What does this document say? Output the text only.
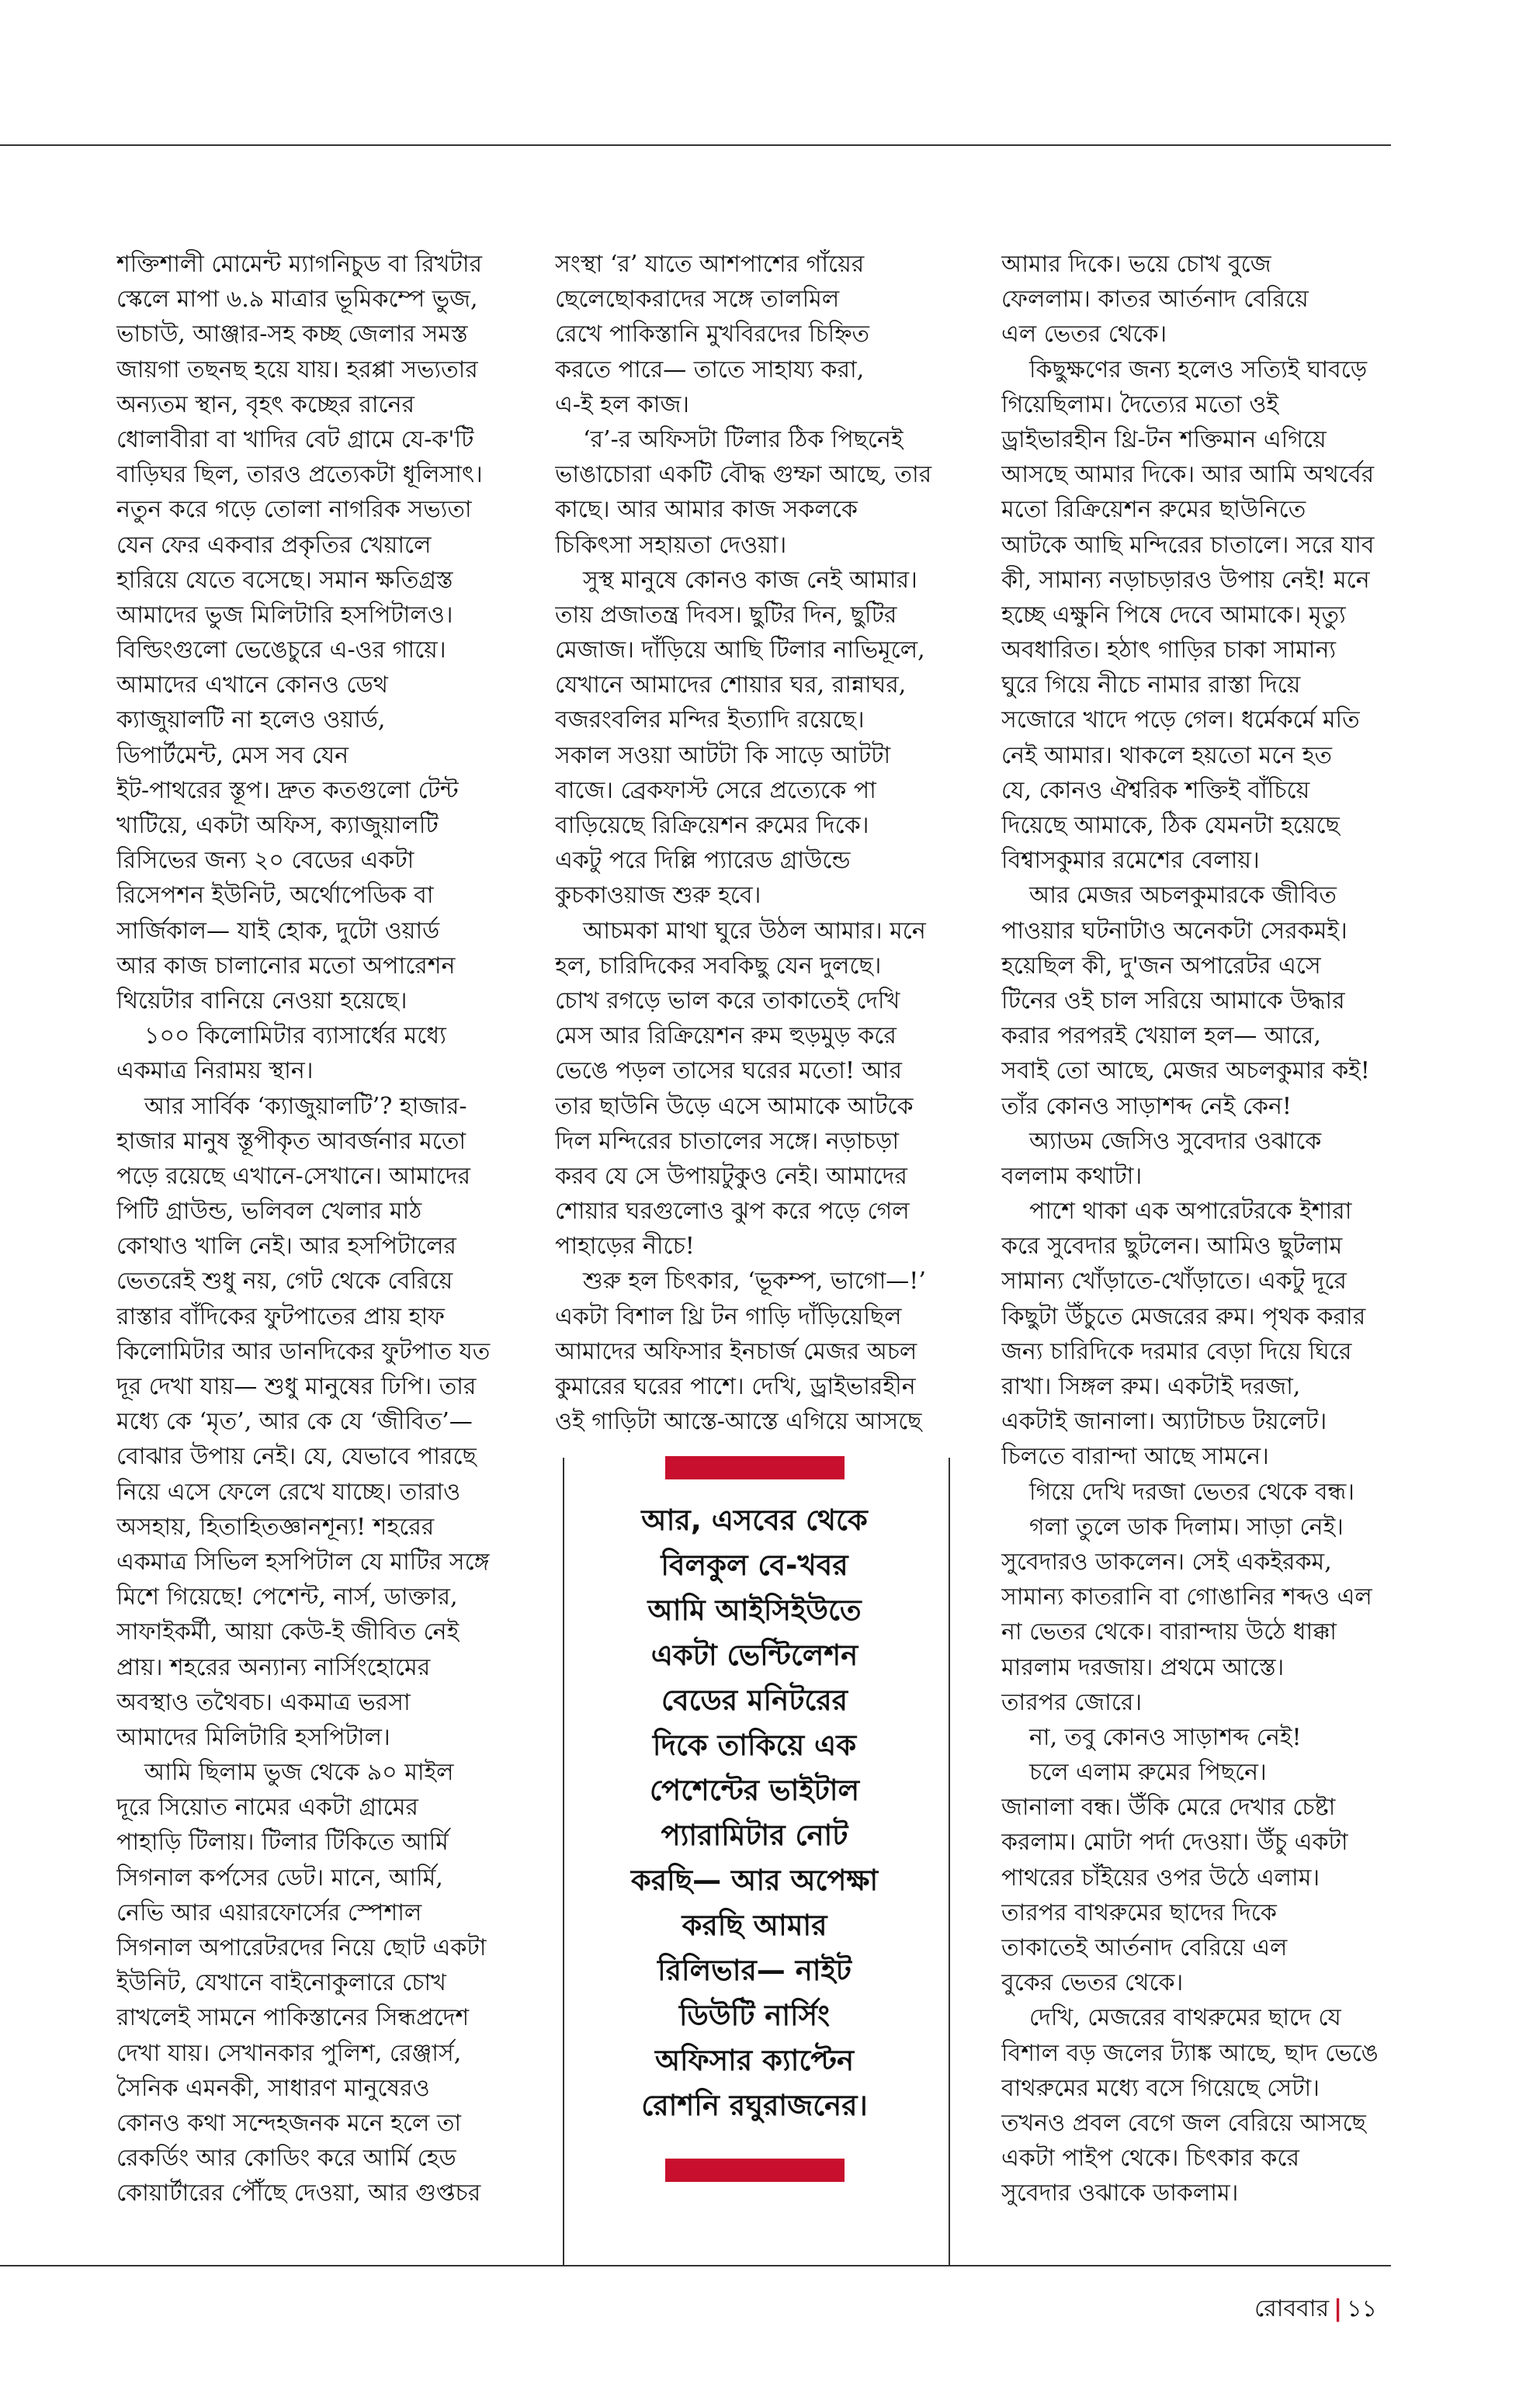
শক্তিশালী মোমেন্ট ম্যাগনিচুড বা রিখটার
স্কেলে মাপা ৬.৯ মাত্রার ভূমিকম্পে ভুজ,
ভাচাউ, আঞ্জার-সহ কচ্ছ জেলার সমস্ত
জায়গা তছনছ হয়ে যায়। হরপ্পা সভ্যতার
অন্যতম স্থান, বৃহৎ কচ্ছের রানের
ধোলাবীরা বা খাদির বেট গ্রামে যে-ক'টি
বাড়িঘর ছিল, তারও প্রত্যেকটা ধূলিসাৎ।
নতুন করে গড়ে তোলা নাগরিক সভ্যতা
যেন ফের একবার প্রকৃতির খেয়ালে
হারিয়ে যেতে বসেছে। সমান ক্ষতিগ্রস্ত
আমাদের ভুজ মিলিটারি হসপিটালও।
বিল্ডিংগুলো ভেঙেচুরে এ-ওর গায়ে।
আমাদের এখানে কোনও ডেথ
ক্যাজুয়ালটি না হলেও ওয়ার্ড,
ডিপার্টমেন্ট, মেস সব যেন
ইট-পাথরের স্তূপ। দ্রুত কতগুলো টেন্ট
খাটিয়ে, একটা অফিস, ক্যাজুয়ালটি
রিসিভের জন্য ২০ বেডের একটা
রিসেপশন ইউনিট, অর্থোপেডিক বা
সার্জিকাল— যাই হোক, দুটো ওয়ার্ড
আর কাজ চালানোর মতো অপারেশন
থিয়েটার বানিয়ে নেওয়া হয়েছে।
১০০ কিলোমিটার ব্যাসার্ধের মধ্যে
একমাত্র নিরাময় স্থান।
আর সার্বিক ‘ক্যাজুয়ালটি’? হাজার-
হাজার মানুষ স্তূপীকৃত আবর্জনার মতো
পড়ে রয়েছে এখানে-সেখানে। আমাদের
পিটি গ্রাউন্ড, ভলিবল খেলার মাঠ
কোথাও খালি নেই। আর হসপিটালের
ভেতরেই শুধু নয়, গেট থেকে বেরিয়ে
রাস্তার বাঁদিকের ফুটপাতের প্রায় হাফ
কিলোমিটার আর ডানদিকের ফুটপাত যত
দূর দেখা যায়— শুধু মানুষের ঢিপি। তার
মধ্যে কে ‘মৃত’, আর কে যে ‘জীবিত’—
বোঝার উপায় নেই। যে, যেভাবে পারছে
নিয়ে এসে ফেলে রেখে যাচ্ছে। তারাও
অসহায়, হিতাহিতজ্ঞানশূন্য! শহরের
একমাত্র সিভিল হসপিটাল যে মাটির সঙ্গে
মিশে গিয়েছে! পেশেন্ট, নার্স, ডাক্তার,
সাফাইকর্মী, আয়া কেউ-ই জীবিত নেই
প্রায়। শহরের অন্যান্য নার্সিংহোমের
অবস্থাও তথৈবচ। একমাত্র ভরসা
আমাদের মিলিটারি হসপিটাল।
আমি ছিলাম ভুজ থেকে ৯০ মাইল
দূরে সিয়োত নামের একটা গ্রামের
পাহাড়ি টিলায়। টিলার টিকিতে আর্মি
সিগনাল কর্পসের ডেট। মানে, আর্মি,
নেভি আর এয়ারফোর্সের স্পেশাল
সিগনাল অপারেটরদের নিয়ে ছোট একটা
ইউনিট, যেখানে বাইনোকুলারে চোখ
রাখলেই সামনে পাকিস্তানের সিন্ধপ্রদেশ
দেখা যায়। সেখানকার পুলিশ, রেঞ্জার্স,
সৈনিক এমনকী, সাধারণ মানুষেরও
কোনও কথা সন্দেহজনক মনে হলে তা
রেকর্ডিং আর কোডিং করে আর্মি হেড
কোয়ার্টারের পৌঁছে দেওয়া, আর গুপ্তচর
সংস্থা ‘র’ যাতে আশপাশের গাঁয়ের
ছেলেছোকরাদের সঙ্গে তালমিল
রেখে পাকিস্তানি মুখবিরদের চিহ্নিত
করতে পারে— তাতে সাহায্য করা,
এ-ই হল কাজ।
‘র’-র অফিসটা টিলার ঠিক পিছনেই
ভাঙাচোরা একটি বৌদ্ধ গুম্ফা আছে, তার
কাছে। আর আমার কাজ সকলকে
চিকিৎসা সহায়তা দেওয়া।
সুস্থ মানুষে কোনও কাজ নেই আমার।
তায় প্রজাতন্ত্র দিবস। ছুটির দিন, ছুটির
মেজাজ। দাঁড়িয়ে আছি টিলার নাভিমূলে,
যেখানে আমাদের শোয়ার ঘর, রান্নাঘর,
বজরংবলির মন্দির ইত্যাদি রয়েছে।
সকাল সওয়া আটটা কি সাড়ে আটটা
বাজে। ব্রেকফাস্ট সেরে প্রত্যেকে পা
বাড়িয়েছে রিক্রিয়েশন রুমের দিকে।
একটু পরে দিল্লি প্যারেড গ্রাউন্ডে
কুচকাওয়াজ শুরু হবে।
আচমকা মাথা ঘুরে উঠল আমার। মনে
হল, চারিদিকের সবকিছু যেন দুলছে।
চোখ রগড়ে ভাল করে তাকাতেই দেখি
মেস আর রিক্রিয়েশন রুম হুড়মুড় করে
ভেঙে পড়ল তাসের ঘরের মতো! আর
তার ছাউনি উড়ে এসে আমাকে আটকে
দিল মন্দিরের চাতালের সঙ্গে। নড়াচড়া
করব যে সে উপায়টুকুও নেই। আমাদের
শোয়ার ঘরগুলোও ঝুপ করে পড়ে গেল
পাহাড়ের নীচে!
শুরু হল চিৎকার, ‘ভূকম্প, ভাগো—!’
একটা বিশাল থ্রি টন গাড়ি দাঁড়িয়েছিল
আমাদের অফিসার ইনচার্জ মেজর অচল
কুমারের ঘরের পাশে। দেখি, ড্রাইভারহীন
ওই গাড়িটা আস্তে-আস্তে এগিয়ে আসছে
আমার দিকে। ভয়ে চোখ বুজে
ফেললাম। কাতর আর্তনাদ বেরিয়ে
এল ভেতর থেকে।
কিছুক্ষণের জন্য হলেও সত্যিই ঘাবড়ে
গিয়েছিলাম। দৈত্যের মতো ওই
ড্রাইভারহীন থ্রি-টন শক্তিমান এগিয়ে
আসছে আমার দিকে। আর আমি অথর্বের
মতো রিক্রিয়েশন রুমের ছাউনিতে
আটকে আছি মন্দিরের চাতালে। সরে যাব
কী, সামান্য নড়াচড়ারও উপায় নেই! মনে
হচ্ছে এক্ষুনি পিষে দেবে আমাকে। মৃত্যু
অবধারিত। হঠাৎ গাড়ির চাকা সামান্য
ঘুরে গিয়ে নীচে নামার রাস্তা দিয়ে
সজোরে খাদে পড়ে গেল। ধর্মেকর্মে মতি
নেই আমার। থাকলে হয়তো মনে হত
যে, কোনও ঐশ্বরিক শক্তিই বাঁচিয়ে
দিয়েছে আমাকে, ঠিক যেমনটা হয়েছে
বিশ্বাসকুমার রমেশের বেলায়।
আর মেজর অচলকুমারকে জীবিত
পাওয়ার ঘটনাটাও অনেকটা সেরকমই।
হয়েছিল কী, দু'জন অপারেটর এসে
টিনের ওই চাল সরিয়ে আমাকে উদ্ধার
করার পরপরই খেয়াল হল— আরে,
সবাই তো আছে, মেজর অচলকুমার কই!
তাঁর কোনও সাড়াশব্দ নেই কেন!
অ্যাডম জেসিও সুবেদার ওঝাকে
বললাম কথাটা।
পাশে থাকা এক অপারেটরকে ইশারা
করে সুবেদার ছুটলেন। আমিও ছুটলাম
সামান্য খোঁড়াতে-খোঁড়াতে। একটু দূরে
কিছুটা উঁচুতে মেজরের রুম। পৃথক করার
জন্য চারিদিকে দরমার বেড়া দিয়ে ঘিরে
রাখা। সিঙ্গল রুম। একটাই দরজা,
একটাই জানালা। অ্যাটাচড টয়লেট।
চিলতে বারান্দা আছে সামনে।
গিয়ে দেখি দরজা ভেতর থেকে বন্ধ।
গলা তুলে ডাক দিলাম। সাড়া নেই।
সুবেদারও ডাকলেন। সেই একইরকম,
সামান্য কাতরানি বা গোঙানির শব্দও এল
না ভেতর থেকে। বারান্দায় উঠে ধাক্কা
মারলাম দরজায়। প্রথমে আস্তে।
তারপর জোরে।
না, তবু কোনও সাড়াশব্দ নেই!
চলে এলাম রুমের পিছনে।
জানালা বন্ধ। উঁকি মেরে দেখার চেষ্টা
করলাম। মোটা পর্দা দেওয়া। উঁচু একটা
পাথরের চাঁইয়ের ওপর উঠে এলাম।
তারপর বাথরুমের ছাদের দিকে
তাকাতেই আর্তনাদ বেরিয়ে এল
বুকের ভেতর থেকে।
দেখি, মেজরের বাথরুমের ছাদে যে
বিশাল বড় জলের ট্যাঙ্ক আছে, ছাদ ভেঙে
বাথরুমের মধ্যে বসে গিয়েছে সেটা।
তখনও প্রবল বেগে জল বেরিয়ে আসছে
একটা পাইপ থেকে। চিৎকার করে
সুবেদার ওঝাকে ডাকলাম।
আর, এসবের থেকে
বিলকুল বে-খবর
আমি আইসিইউতে
একটা ভেন্টিলেশন
বেডের মনিটরের
দিকে তাকিয়ে এক
পেশেন্টের ভাইটাল
প্যারামিটার নোট
করছি— আর অপেক্ষা
করছি আমার
রিলিভার— নাইট
ডিউটি নার্সিং
অফিসার ক্যাপ্টেন
রোশনি রঘুরাজনের।
রোববার | ১১
